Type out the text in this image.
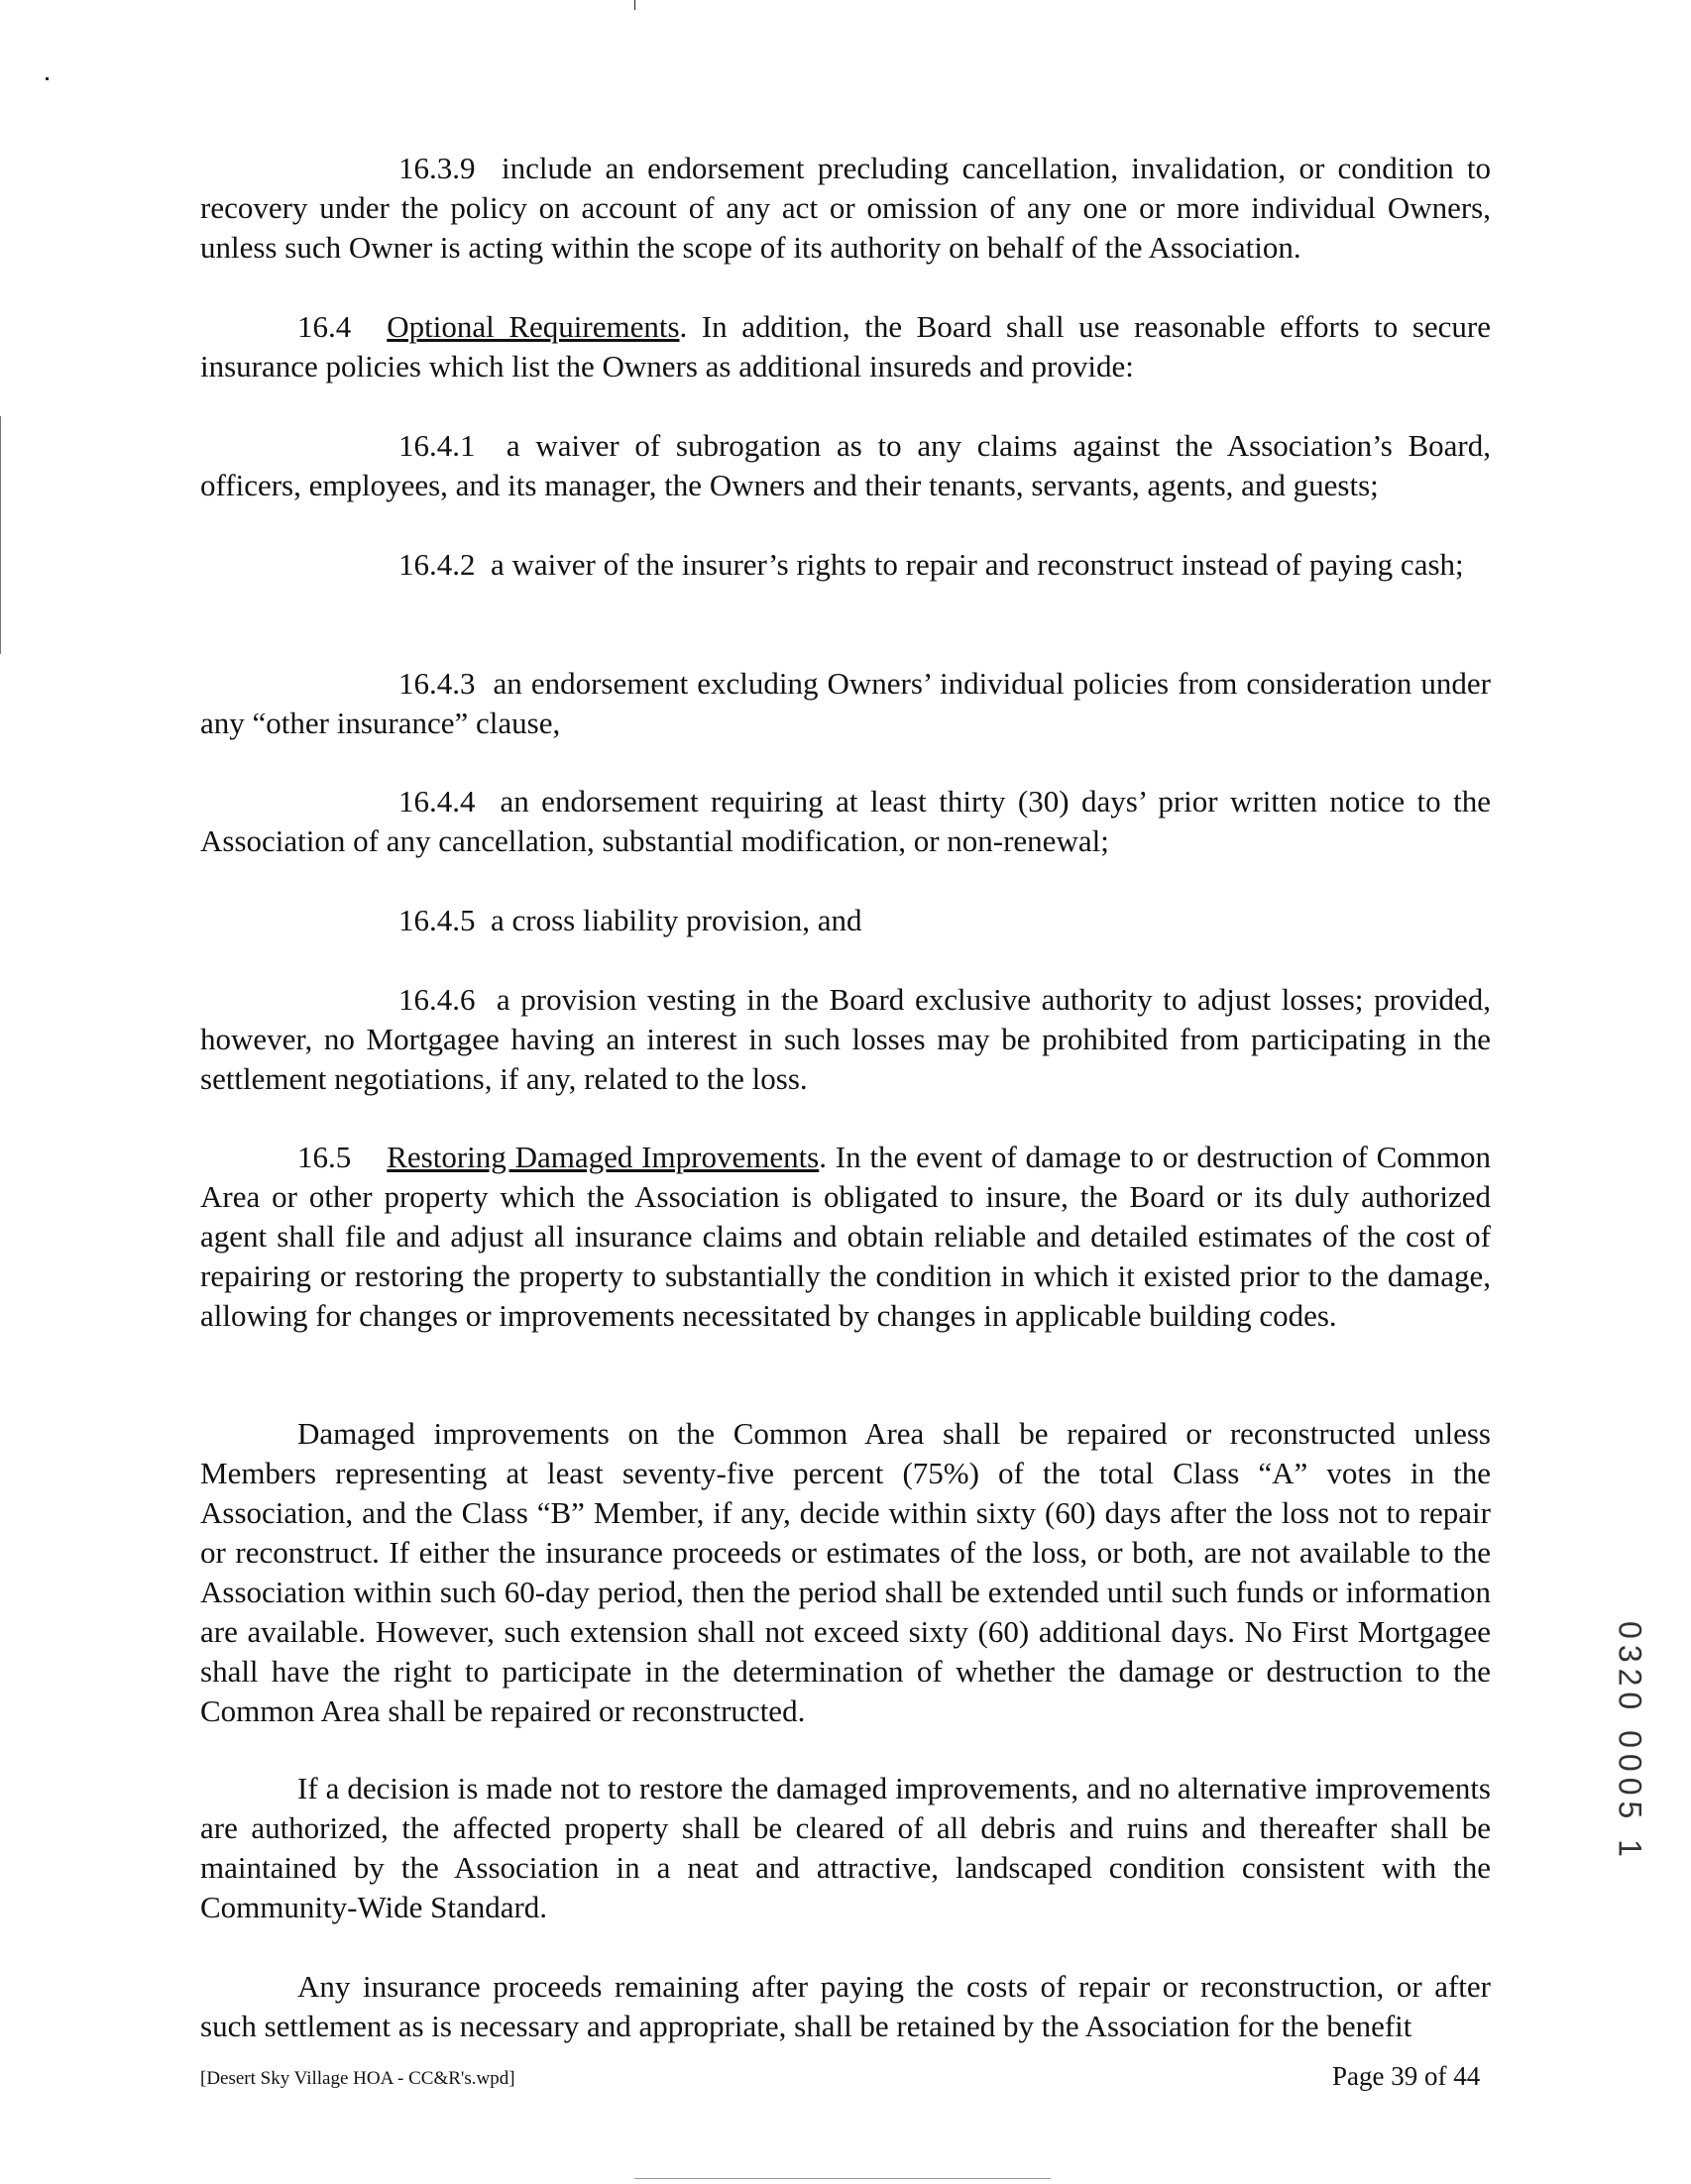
16.3.9 include an endorsement precluding cancellation, invalidation, or condition to recovery under the policy on account of any act or omission of any one or more individual Owners, unless such Owner is acting within the scope of its authority on behalf of the Association.

16.4 Optional Requirements. In addition, the Board shall use reasonable efforts to secure insurance policies which list the Owners as additional insureds and provide:

16.4.1 a waiver of subrogation as to any claims against the Association’s Board, officers, employees, and its manager, the Owners and their tenants, servants, agents, and guests;

16.4.2 a waiver of the insurer’s rights to repair and reconstruct instead of paying cash;

16.4.3 an endorsement excluding Owners’ individual policies from consideration under any “other insurance” clause,

16.4.4 an endorsement requiring at least thirty (30) days’ prior written notice to the Association of any cancellation, substantial modification, or non-renewal;

16.4.5 a cross liability provision, and

16.4.6 a provision vesting in the Board exclusive authority to adjust losses; provided, however, no Mortgagee having an interest in such losses may be prohibited from participating in the settlement negotiations, if any, related to the loss.

16.5 Restoring Damaged Improvements. In the event of damage to or destruction of Common Area or other property which the Association is obligated to insure, the Board or its duly authorized agent shall file and adjust all insurance claims and obtain reliable and detailed estimates of the cost of repairing or restoring the property to substantially the condition in which it existed prior to the damage, allowing for changes or improvements necessitated by changes in applicable building codes.

Damaged improvements on the Common Area shall be repaired or reconstructed unless Members representing at least seventy-five percent (75%) of the total Class “A” votes in the Association, and the Class “B” Member, if any, decide within sixty (60) days after the loss not to repair or reconstruct. If either the insurance proceeds or estimates of the loss, or both, are not available to the Association within such 60-day period, then the period shall be extended until such funds or information are available. However, such extension shall not exceed sixty (60) additional days. No First Mortgagee shall have the right to participate in the determination of whether the damage or destruction to the Common Area shall be repaired or reconstructed.

If a decision is made not to restore the damaged improvements, and no alternative improvements are authorized, the affected property shall be cleared of all debris and ruins and thereafter shall be maintained by the Association in a neat and attractive, landscaped condition consistent with the Community-Wide Standard.

Any insurance proceeds remaining after paying the costs of repair or reconstruction, or after such settlement as is necessary and appropriate, shall be retained by the Association for the benefit

[Desert Sky Village HOA - CC&R's.wpd]	Page 39 of 44
0320 0005 1
